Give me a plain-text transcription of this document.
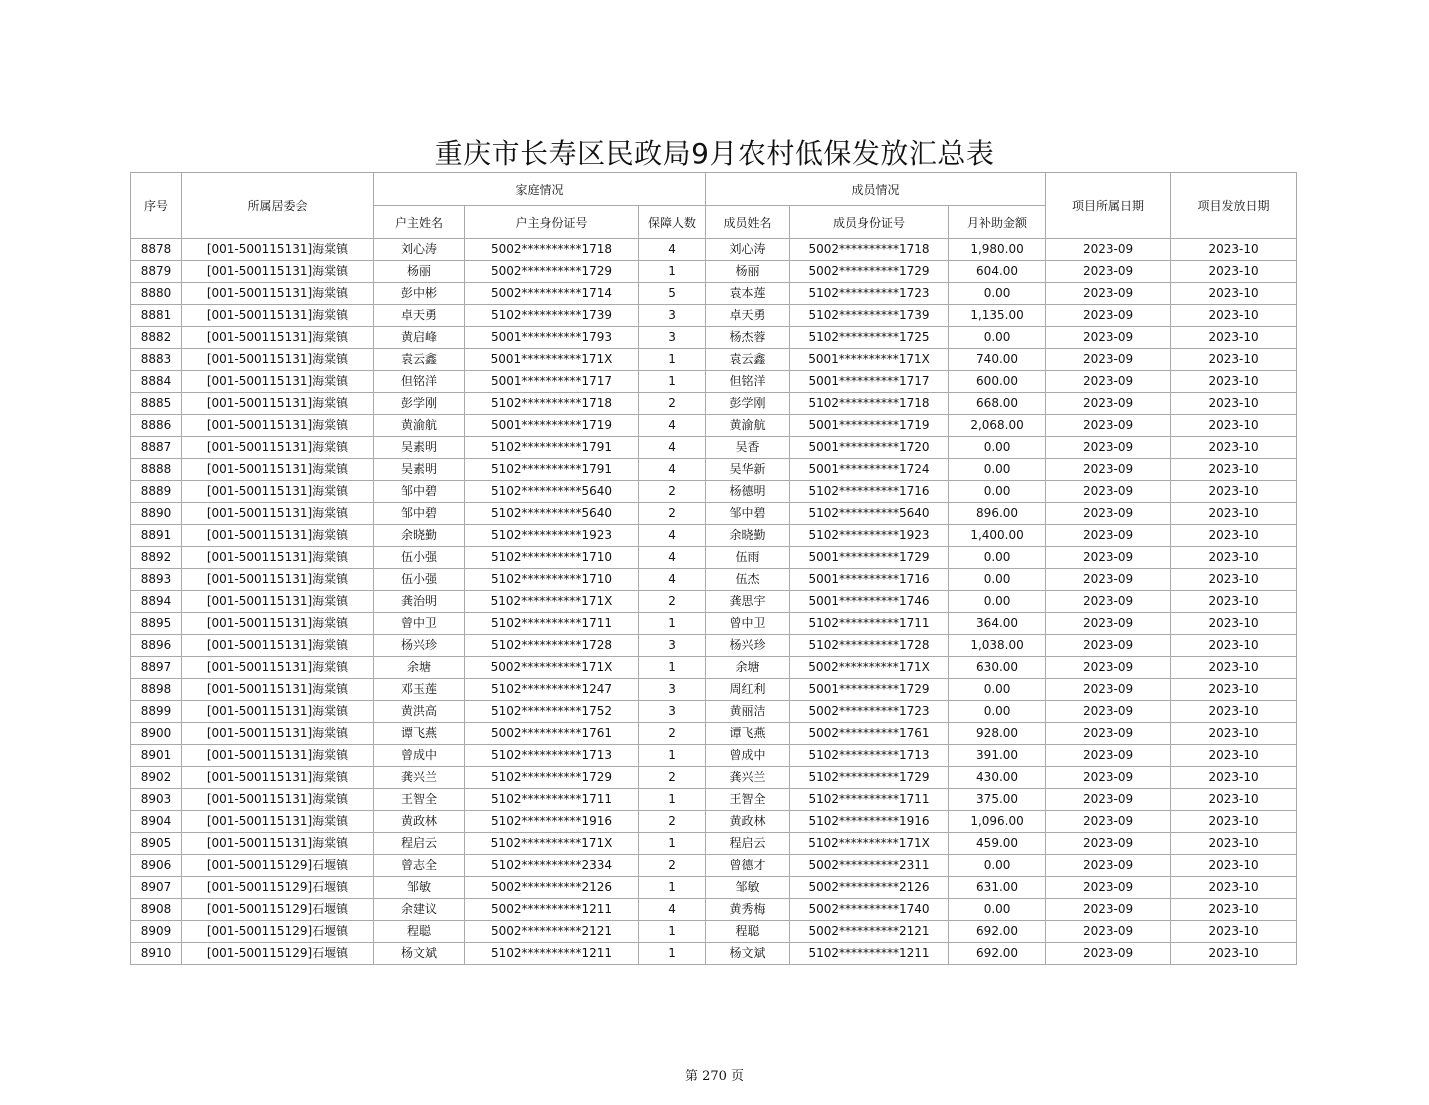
重庆市长寿区民政局9月农村低保发放汇总表
序号	所属居委会	家庭情况			成员情况			项目所属日期	项目发放日期
		户主姓名	户主身份证号	保障人数	成员姓名	成员身份证号	月补助金额		
8878	[001-500115131]海棠镇	刘心涛	5002**********1718	4	刘心涛	5002**********1718	1,980.00	2023-09	2023-10
8879	[001-500115131]海棠镇	杨丽	5002**********1729	1	杨丽	5002**********1729	604.00	2023-09	2023-10
8880	[001-500115131]海棠镇	彭中彬	5002**********1714	5	袁本莲	5102**********1723	0.00	2023-09	2023-10
8881	[001-500115131]海棠镇	卓天勇	5102**********1739	3	卓天勇	5102**********1739	1,135.00	2023-09	2023-10
8882	[001-500115131]海棠镇	黄启峰	5001**********1793	3	杨杰蓉	5102**********1725	0.00	2023-09	2023-10
8883	[001-500115131]海棠镇	袁云鑫	5001**********171X	1	袁云鑫	5001**********171X	740.00	2023-09	2023-10
8884	[001-500115131]海棠镇	但铭洋	5001**********1717	1	但铭洋	5001**********1717	600.00	2023-09	2023-10
8885	[001-500115131]海棠镇	彭学刚	5102**********1718	2	彭学刚	5102**********1718	668.00	2023-09	2023-10
8886	[001-500115131]海棠镇	黄渝航	5001**********1719	4	黄渝航	5001**********1719	2,068.00	2023-09	2023-10
8887	[001-500115131]海棠镇	吴素明	5102**********1791	4	吴香	5001**********1720	0.00	2023-09	2023-10
8888	[001-500115131]海棠镇	吴素明	5102**********1791	4	吴华新	5001**********1724	0.00	2023-09	2023-10
8889	[001-500115131]海棠镇	邹中碧	5102**********5640	2	杨德明	5102**********1716	0.00	2023-09	2023-10
8890	[001-500115131]海棠镇	邹中碧	5102**********5640	2	邹中碧	5102**********5640	896.00	2023-09	2023-10
8891	[001-500115131]海棠镇	余晓勤	5102**********1923	4	余晓勤	5102**********1923	1,400.00	2023-09	2023-10
8892	[001-500115131]海棠镇	伍小强	5102**********1710	4	伍雨	5001**********1729	0.00	2023-09	2023-10
8893	[001-500115131]海棠镇	伍小强	5102**********1710	4	伍杰	5001**********1716	0.00	2023-09	2023-10
8894	[001-500115131]海棠镇	龚治明	5102**********171X	2	龚思宇	5001**********1746	0.00	2023-09	2023-10
8895	[001-500115131]海棠镇	曾中卫	5102**********1711	1	曾中卫	5102**********1711	364.00	2023-09	2023-10
8896	[001-500115131]海棠镇	杨兴珍	5102**********1728	3	杨兴珍	5102**********1728	1,038.00	2023-09	2023-10
8897	[001-500115131]海棠镇	余塘	5002**********171X	1	余塘	5002**********171X	630.00	2023-09	2023-10
8898	[001-500115131]海棠镇	邓玉莲	5102**********1247	3	周红利	5001**********1729	0.00	2023-09	2023-10
8899	[001-500115131]海棠镇	黄洪高	5102**********1752	3	黄丽洁	5002**********1723	0.00	2023-09	2023-10
8900	[001-500115131]海棠镇	谭飞燕	5002**********1761	2	谭飞燕	5002**********1761	928.00	2023-09	2023-10
8901	[001-500115131]海棠镇	曾成中	5102**********1713	1	曾成中	5102**********1713	391.00	2023-09	2023-10
8902	[001-500115131]海棠镇	龚兴兰	5102**********1729	2	龚兴兰	5102**********1729	430.00	2023-09	2023-10
8903	[001-500115131]海棠镇	王智全	5102**********1711	1	王智全	5102**********1711	375.00	2023-09	2023-10
8904	[001-500115131]海棠镇	黄政林	5102**********1916	2	黄政林	5102**********1916	1,096.00	2023-09	2023-10
8905	[001-500115131]海棠镇	程启云	5102**********171X	1	程启云	5102**********171X	459.00	2023-09	2023-10
8906	[001-500115129]石堰镇	曾志全	5102**********2334	2	曾德才	5002**********2311	0.00	2023-09	2023-10
8907	[001-500115129]石堰镇	邹敏	5002**********2126	1	邹敏	5002**********2126	631.00	2023-09	2023-10
8908	[001-500115129]石堰镇	余建议	5002**********1211	4	黄秀梅	5002**********1740	0.00	2023-09	2023-10
8909	[001-500115129]石堰镇	程聪	5002**********2121	1	程聪	5002**********2121	692.00	2023-09	2023-10
8910	[001-500115129]石堰镇	杨文斌	5102**********1211	1	杨文斌	5102**********1211	692.00	2023-09	2023-10
第 270 页
